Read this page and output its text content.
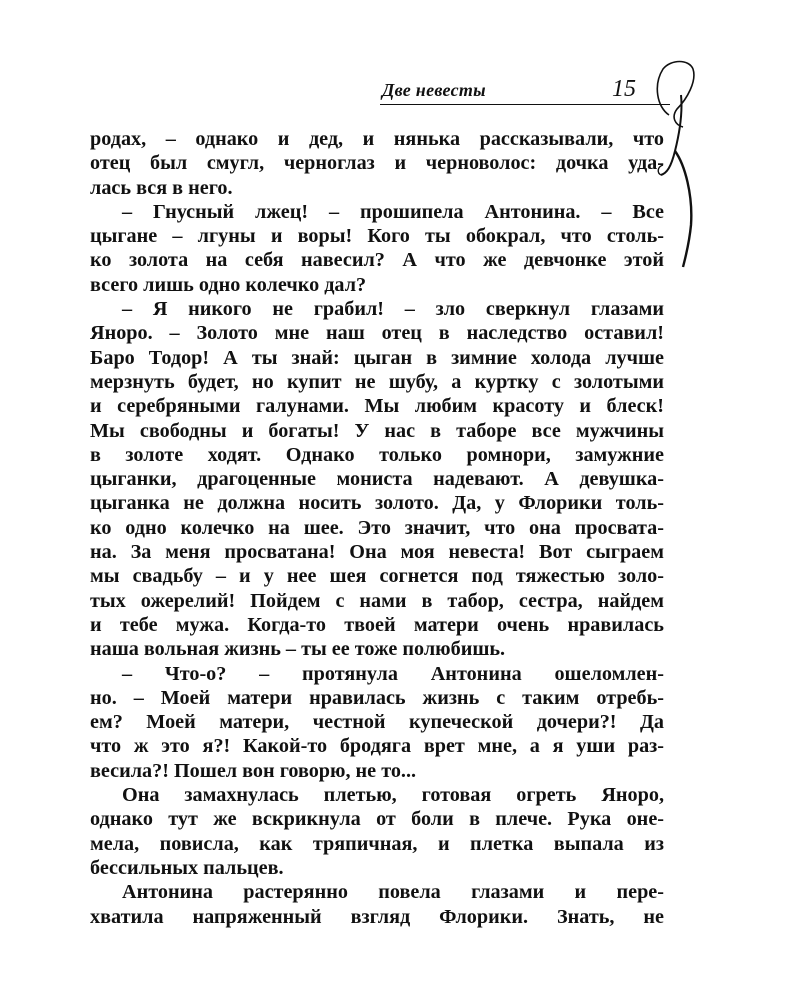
Две невесты	15
родах, – однако и дед, и нянька рассказывали, что
отец был смугл, черноглаз и черноволос: дочка уда-
лась вся в него.
– Гнусный лжец! – прошипела Антонина. – Все
цыгане – лгуны и воры! Кого ты обокрал, что столь-
ко золота на себя навесил? А что же девчонке этой
всего лишь одно колечко дал?
– Я никого не грабил! – зло сверкнул глазами
Яноро. – Золото мне наш отец в наследство оставил!
Баро Тодор! А ты знай: цыган в зимние холода лучше
мерзнуть будет, но купит не шубу, а куртку с золотыми
и серебряными галунами. Мы любим красоту и блеск!
Мы свободны и богаты! У нас в таборе все мужчины
в золоте ходят. Однако только ромнори, замужние
цыганки, драгоценные мониста надевают. А девушка-
цыганка не должна носить золото. Да, у Флорики толь-
ко одно колечко на шее. Это значит, что она просвата-
на. За меня просватана! Она моя невеста! Вот сыграем
мы свадьбу – и у нее шея согнется под тяжестью золо-
тых ожерелий! Пойдем с нами в табор, сестра, найдем
и тебе мужа. Когда-то твоей матери очень нравилась
наша вольная жизнь – ты ее тоже полюбишь.
– Что-о? – протянула Антонина ошеломлен-
но. – Моей матери нравилась жизнь с таким отребь-
ем? Моей матери, честной купеческой дочери?! Да
что ж это я?! Какой-то бродяга врет мне, а я уши раз-
весила?! Пошел вон говорю, не то...
Она замахнулась плетью, готовая огреть Яноро,
однако тут же вскрикнула от боли в плече. Рука оне-
мела, повисла, как тряпичная, и плетка выпала из
бессильных пальцев.
Антонина растерянно повела глазами и пере-
хватила напряженный взгляд Флорики. Знать, не
